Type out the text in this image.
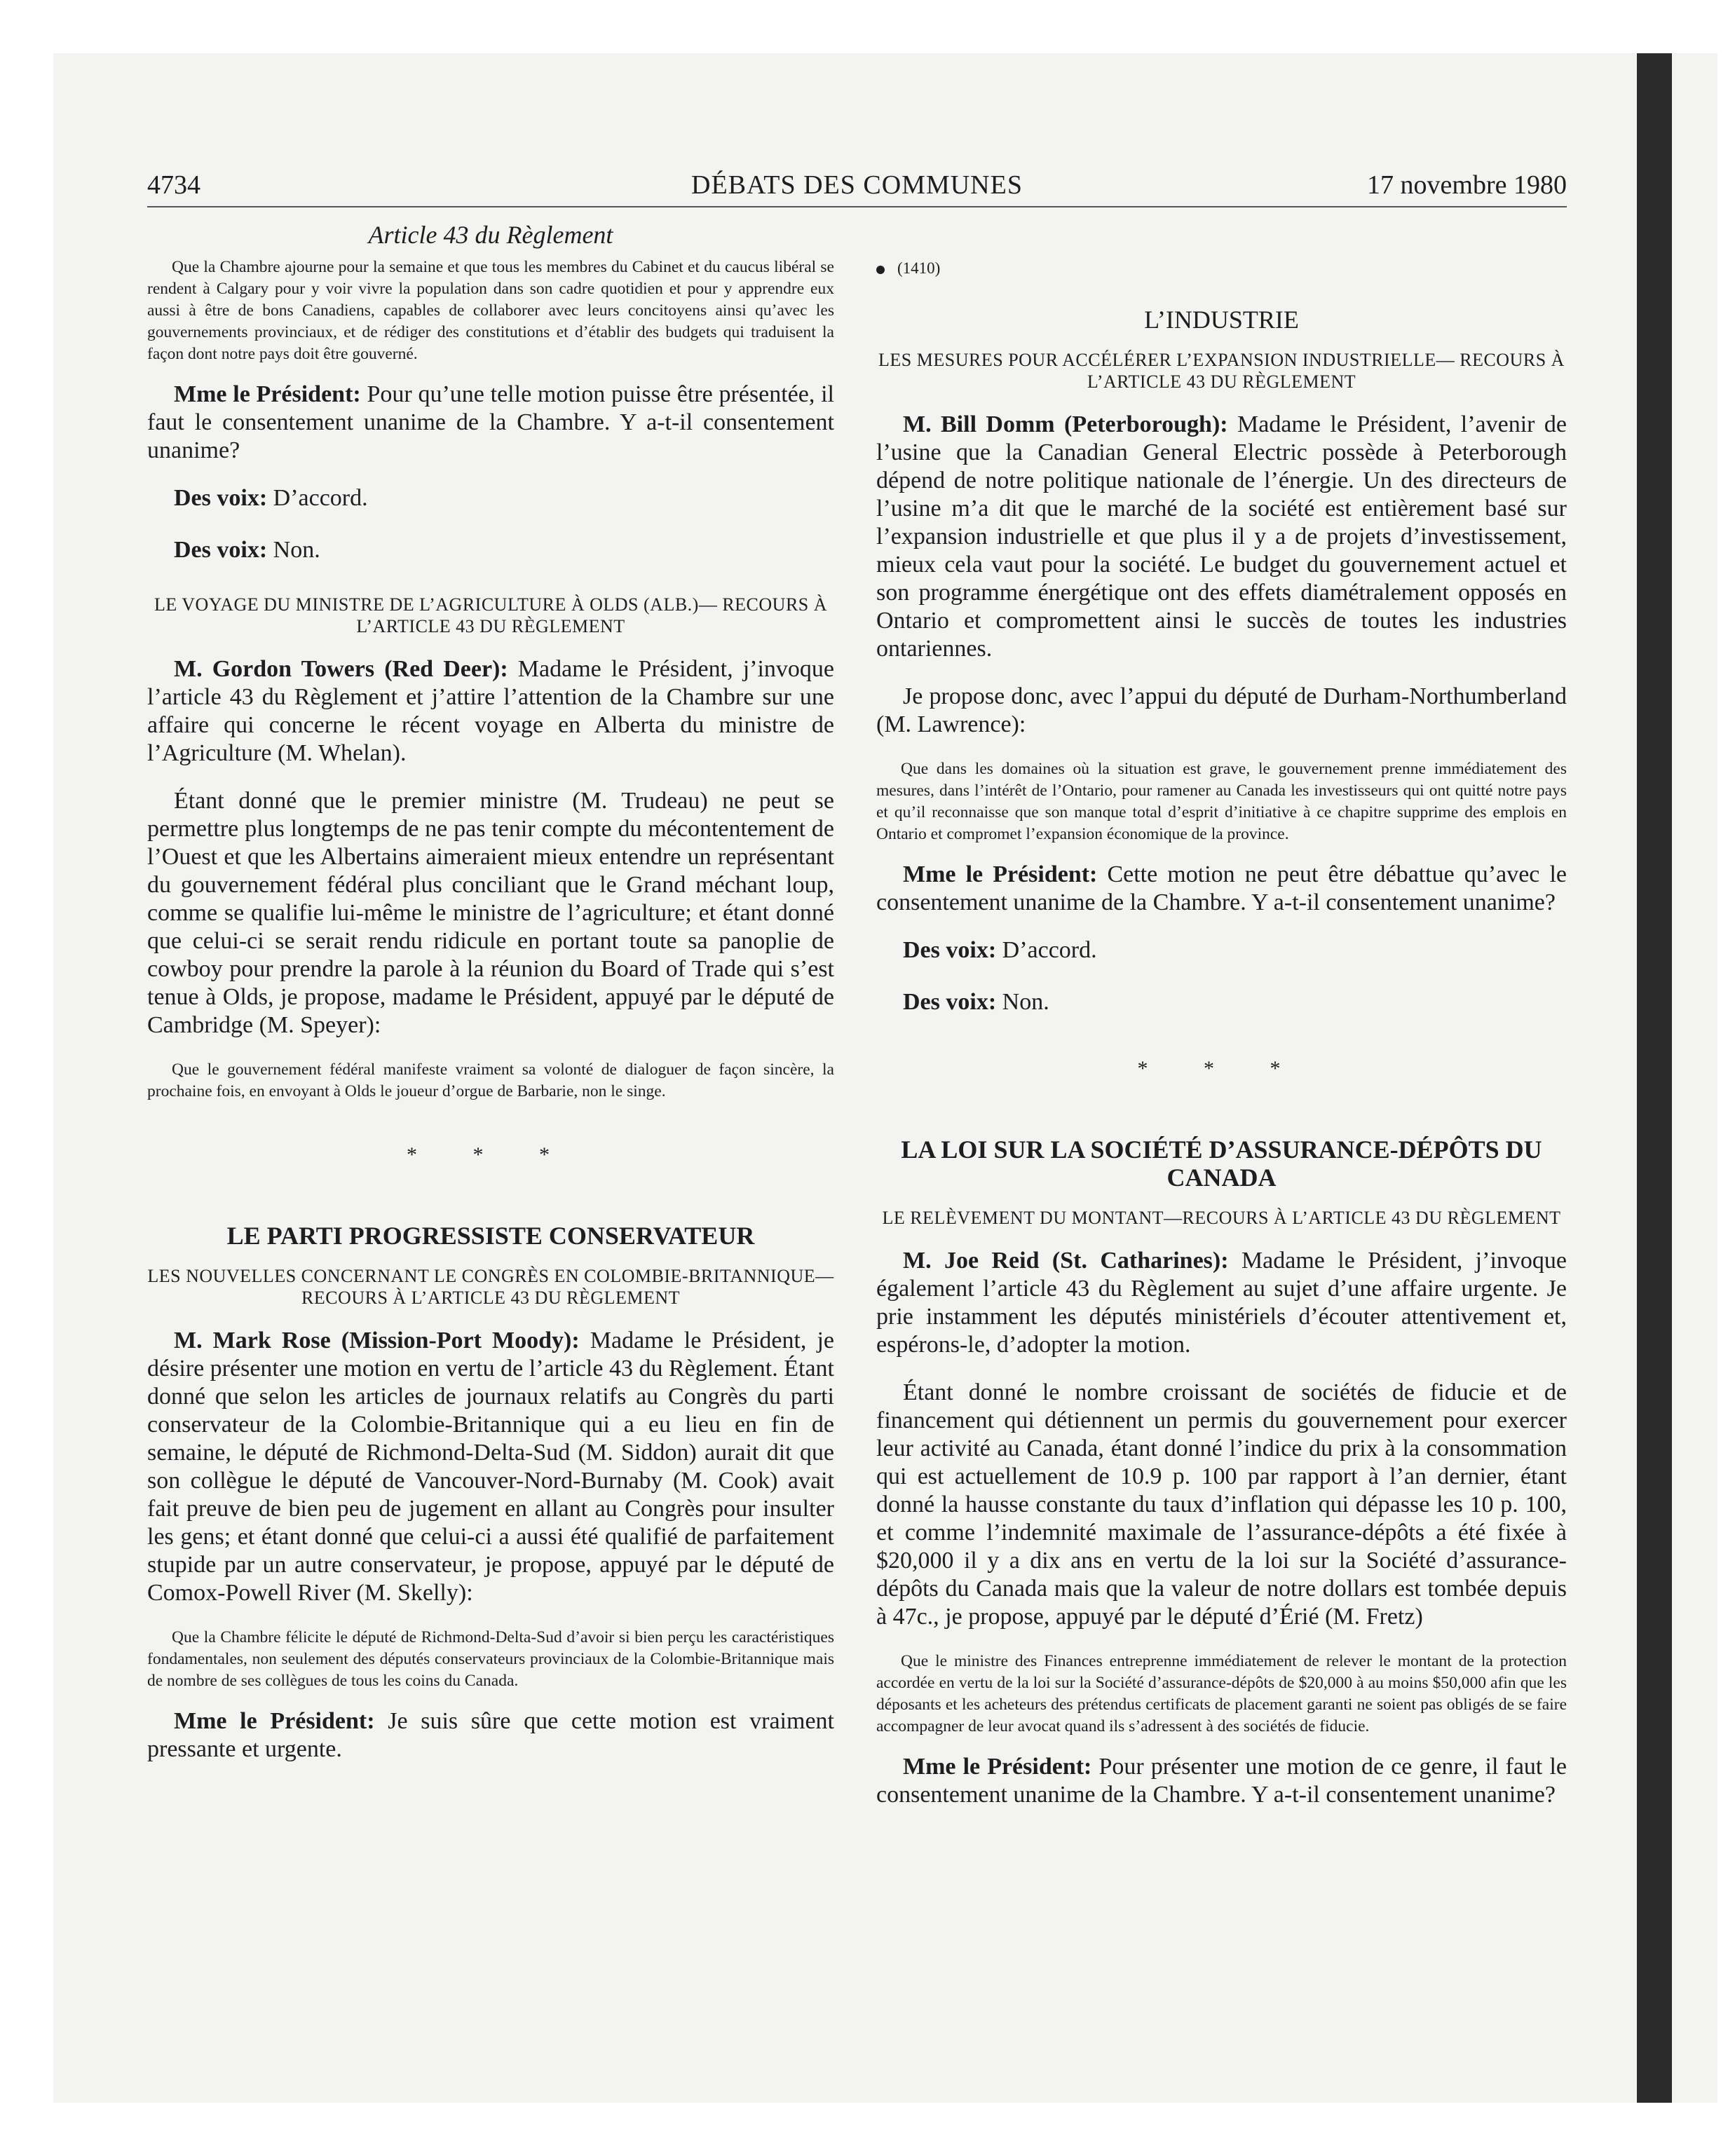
4734	DÉBATS DES COMMUNES	17 novembre 1980

Article 43 du Règlement

Que la Chambre ajourne pour la semaine et que tous les membres du Cabinet et du caucus libéral se rendent à Calgary pour y voir vivre la population dans son cadre quotidien et pour y apprendre eux aussi à être de bons Canadiens, capables de collaborer avec leurs concitoyens ainsi qu’avec les gouvernements provinciaux, et de rédiger des constitutions et d’établir des budgets qui traduisent la façon dont notre pays doit être gouverné.

Mme le Président: Pour qu’une telle motion puisse être présentée, il faut le consentement unanime de la Chambre. Y a-t-il consentement unanime?

Des voix: D’accord.

Des voix: Non.

LE VOYAGE DU MINISTRE DE L’AGRICULTURE À OLDS (ALB.)— RECOURS À L’ARTICLE 43 DU RÈGLEMENT

M. Gordon Towers (Red Deer): Madame le Président, j’invoque l’article 43 du Règlement et j’attire l’attention de la Chambre sur une affaire qui concerne le récent voyage en Alberta du ministre de l’Agriculture (M. Whelan).

Étant donné que le premier ministre (M. Trudeau) ne peut se permettre plus longtemps de ne pas tenir compte du mécontentement de l’Ouest et que les Albertains aimeraient mieux entendre un représentant du gouvernement fédéral plus conciliant que le Grand méchant loup, comme se qualifie lui-même le ministre de l’agriculture; et étant donné que celui-ci se serait rendu ridicule en portant toute sa panoplie de cowboy pour prendre la parole à la réunion du Board of Trade qui s’est tenue à Olds, je propose, madame le Président, appuyé par le député de Cambridge (M. Speyer):

Que le gouvernement fédéral manifeste vraiment sa volonté de dialoguer de façon sincère, la prochaine fois, en envoyant à Olds le joueur d’orgue de Barbarie, non le singe.

* * *

LE PARTI PROGRESSISTE CONSERVATEUR

LES NOUVELLES CONCERNANT LE CONGRÈS EN COLOMBIE-BRITANNIQUE—RECOURS À L’ARTICLE 43 DU RÈGLEMENT

M. Mark Rose (Mission-Port Moody): Madame le Président, je désire présenter une motion en vertu de l’article 43 du Règlement. Étant donné que selon les articles de journaux relatifs au Congrès du parti conservateur de la Colombie-Britannique qui a eu lieu en fin de semaine, le député de Richmond-Delta-Sud (M. Siddon) aurait dit que son collègue le député de Vancouver-Nord-Burnaby (M. Cook) avait fait preuve de bien peu de jugement en allant au Congrès pour insulter les gens; et étant donné que celui-ci a aussi été qualifié de parfaitement stupide par un autre conservateur, je propose, appuyé par le député de Comox-Powell River (M. Skelly):

Que la Chambre félicite le député de Richmond-Delta-Sud d’avoir si bien perçu les caractéristiques fondamentales, non seulement des députés conservateurs provinciaux de la Colombie-Britannique mais de nombre de ses collègues de tous les coins du Canada.

Mme le Président: Je suis sûre que cette motion est vraiment pressante et urgente.

(1410)

L’INDUSTRIE

LES MESURES POUR ACCÉLÉRER L’EXPANSION INDUSTRIELLE— RECOURS À L’ARTICLE 43 DU RÈGLEMENT

M. Bill Domm (Peterborough): Madame le Président, l’avenir de l’usine que la Canadian General Electric possède à Peterborough dépend de notre politique nationale de l’énergie. Un des directeurs de l’usine m’a dit que le marché de la société est entièrement basé sur l’expansion industrielle et que plus il y a de projets d’investissement, mieux cela vaut pour la société. Le budget du gouvernement actuel et son programme énergétique ont des effets diamétralement opposés en Ontario et compromettent ainsi le succès de toutes les industries ontariennes.

Je propose donc, avec l’appui du député de Durham-Northumberland (M. Lawrence):

Que dans les domaines où la situation est grave, le gouvernement prenne immédiatement des mesures, dans l’intérêt de l’Ontario, pour ramener au Canada les investisseurs qui ont quitté notre pays et qu’il reconnaisse que son manque total d’esprit d’initiative à ce chapitre supprime des emplois en Ontario et compromet l’expansion économique de la province.

Mme le Président: Cette motion ne peut être débattue qu’avec le consentement unanime de la Chambre. Y a-t-il consentement unanime?

Des voix: D’accord.

Des voix: Non.

* * *

LA LOI SUR LA SOCIÉTÉ D’ASSURANCE-DÉPÔTS DU CANADA

LE RELÈVEMENT DU MONTANT—RECOURS À L’ARTICLE 43 DU RÈGLEMENT

M. Joe Reid (St. Catharines): Madame le Président, j’invoque également l’article 43 du Règlement au sujet d’une affaire urgente. Je prie instamment les députés ministériels d’écouter attentivement et, espérons-le, d’adopter la motion.

Étant donné le nombre croissant de sociétés de fiducie et de financement qui détiennent un permis du gouvernement pour exercer leur activité au Canada, étant donné l’indice du prix à la consommation qui est actuellement de 10.9 p. 100 par rapport à l’an dernier, étant donné la hausse constante du taux d’inflation qui dépasse les 10 p. 100, et comme l’indemnité maximale de l’assurance-dépôts a été fixée à $20,000 il y a dix ans en vertu de la loi sur la Société d’assurance-dépôts du Canada mais que la valeur de notre dollars est tombée depuis à 47c., je propose, appuyé par le député d’Érié (M. Fretz)

Que le ministre des Finances entreprenne immédiatement de relever le montant de la protection accordée en vertu de la loi sur la Société d’assurance-dépôts de $20,000 à au moins $50,000 afin que les déposants et les acheteurs des prétendus certificats de placement garanti ne soient pas obligés de se faire accompagner de leur avocat quand ils s’adressent à des sociétés de fiducie.

Mme le Président: Pour présenter une motion de ce genre, il faut le consentement unanime de la Chambre. Y a-t-il consentement unanime?
